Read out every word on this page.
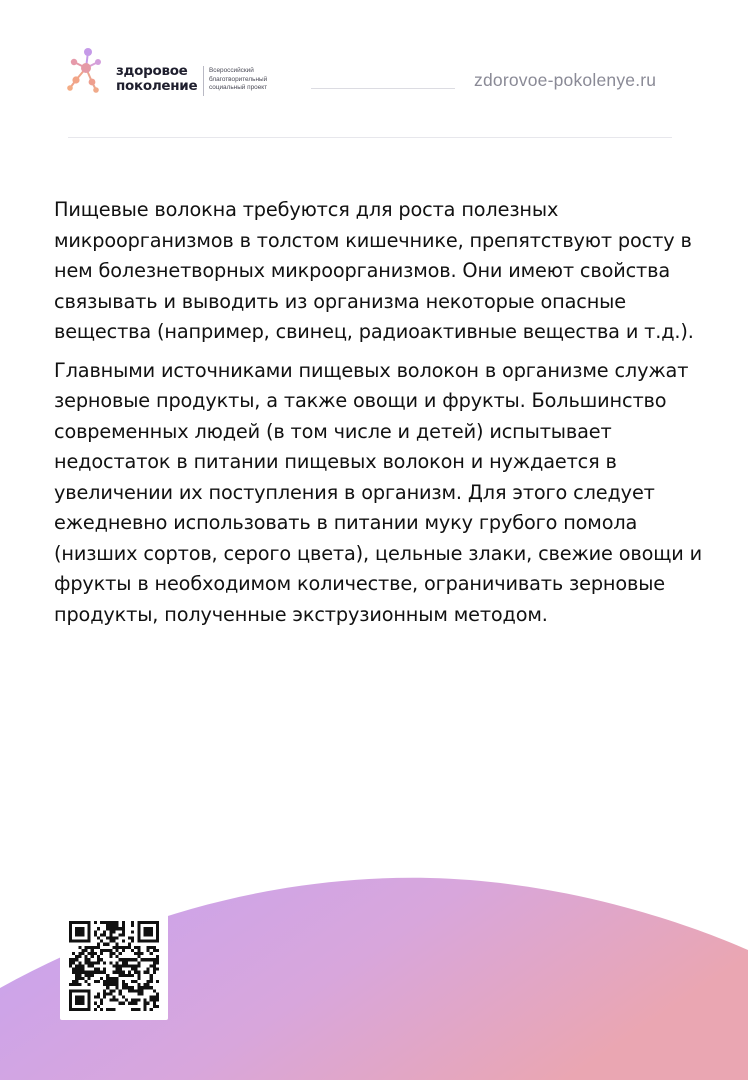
здоровое
поколение
Всероссийский
благотворительный
социальный проект	zdorovoe-pokolenye.ru

Пищевые волокна требуются для роста полезных микроорганизмов в толстом кишечнике, препятствуют росту в нем болезнетворных микроорганизмов. Они имеют свойства связывать и выводить из организма некоторые опасные вещества (например, свинец, радиоактивные вещества и т.д.).

Главными источниками пищевых волокон в организме служат зерновые продукты, а также овощи и фрукты. Большинство современных людей (в том числе и детей) испытывает недостаток в питании пищевых волокон и нуждается в увеличении их поступления в организм. Для этого следует ежедневно использовать в питании муку грубого помола (низших сортов, серого цвета), цельные злаки, свежие овощи и фрукты в необходимом количестве, ограничивать зерновые продукты, полученные экструзионным методом.
